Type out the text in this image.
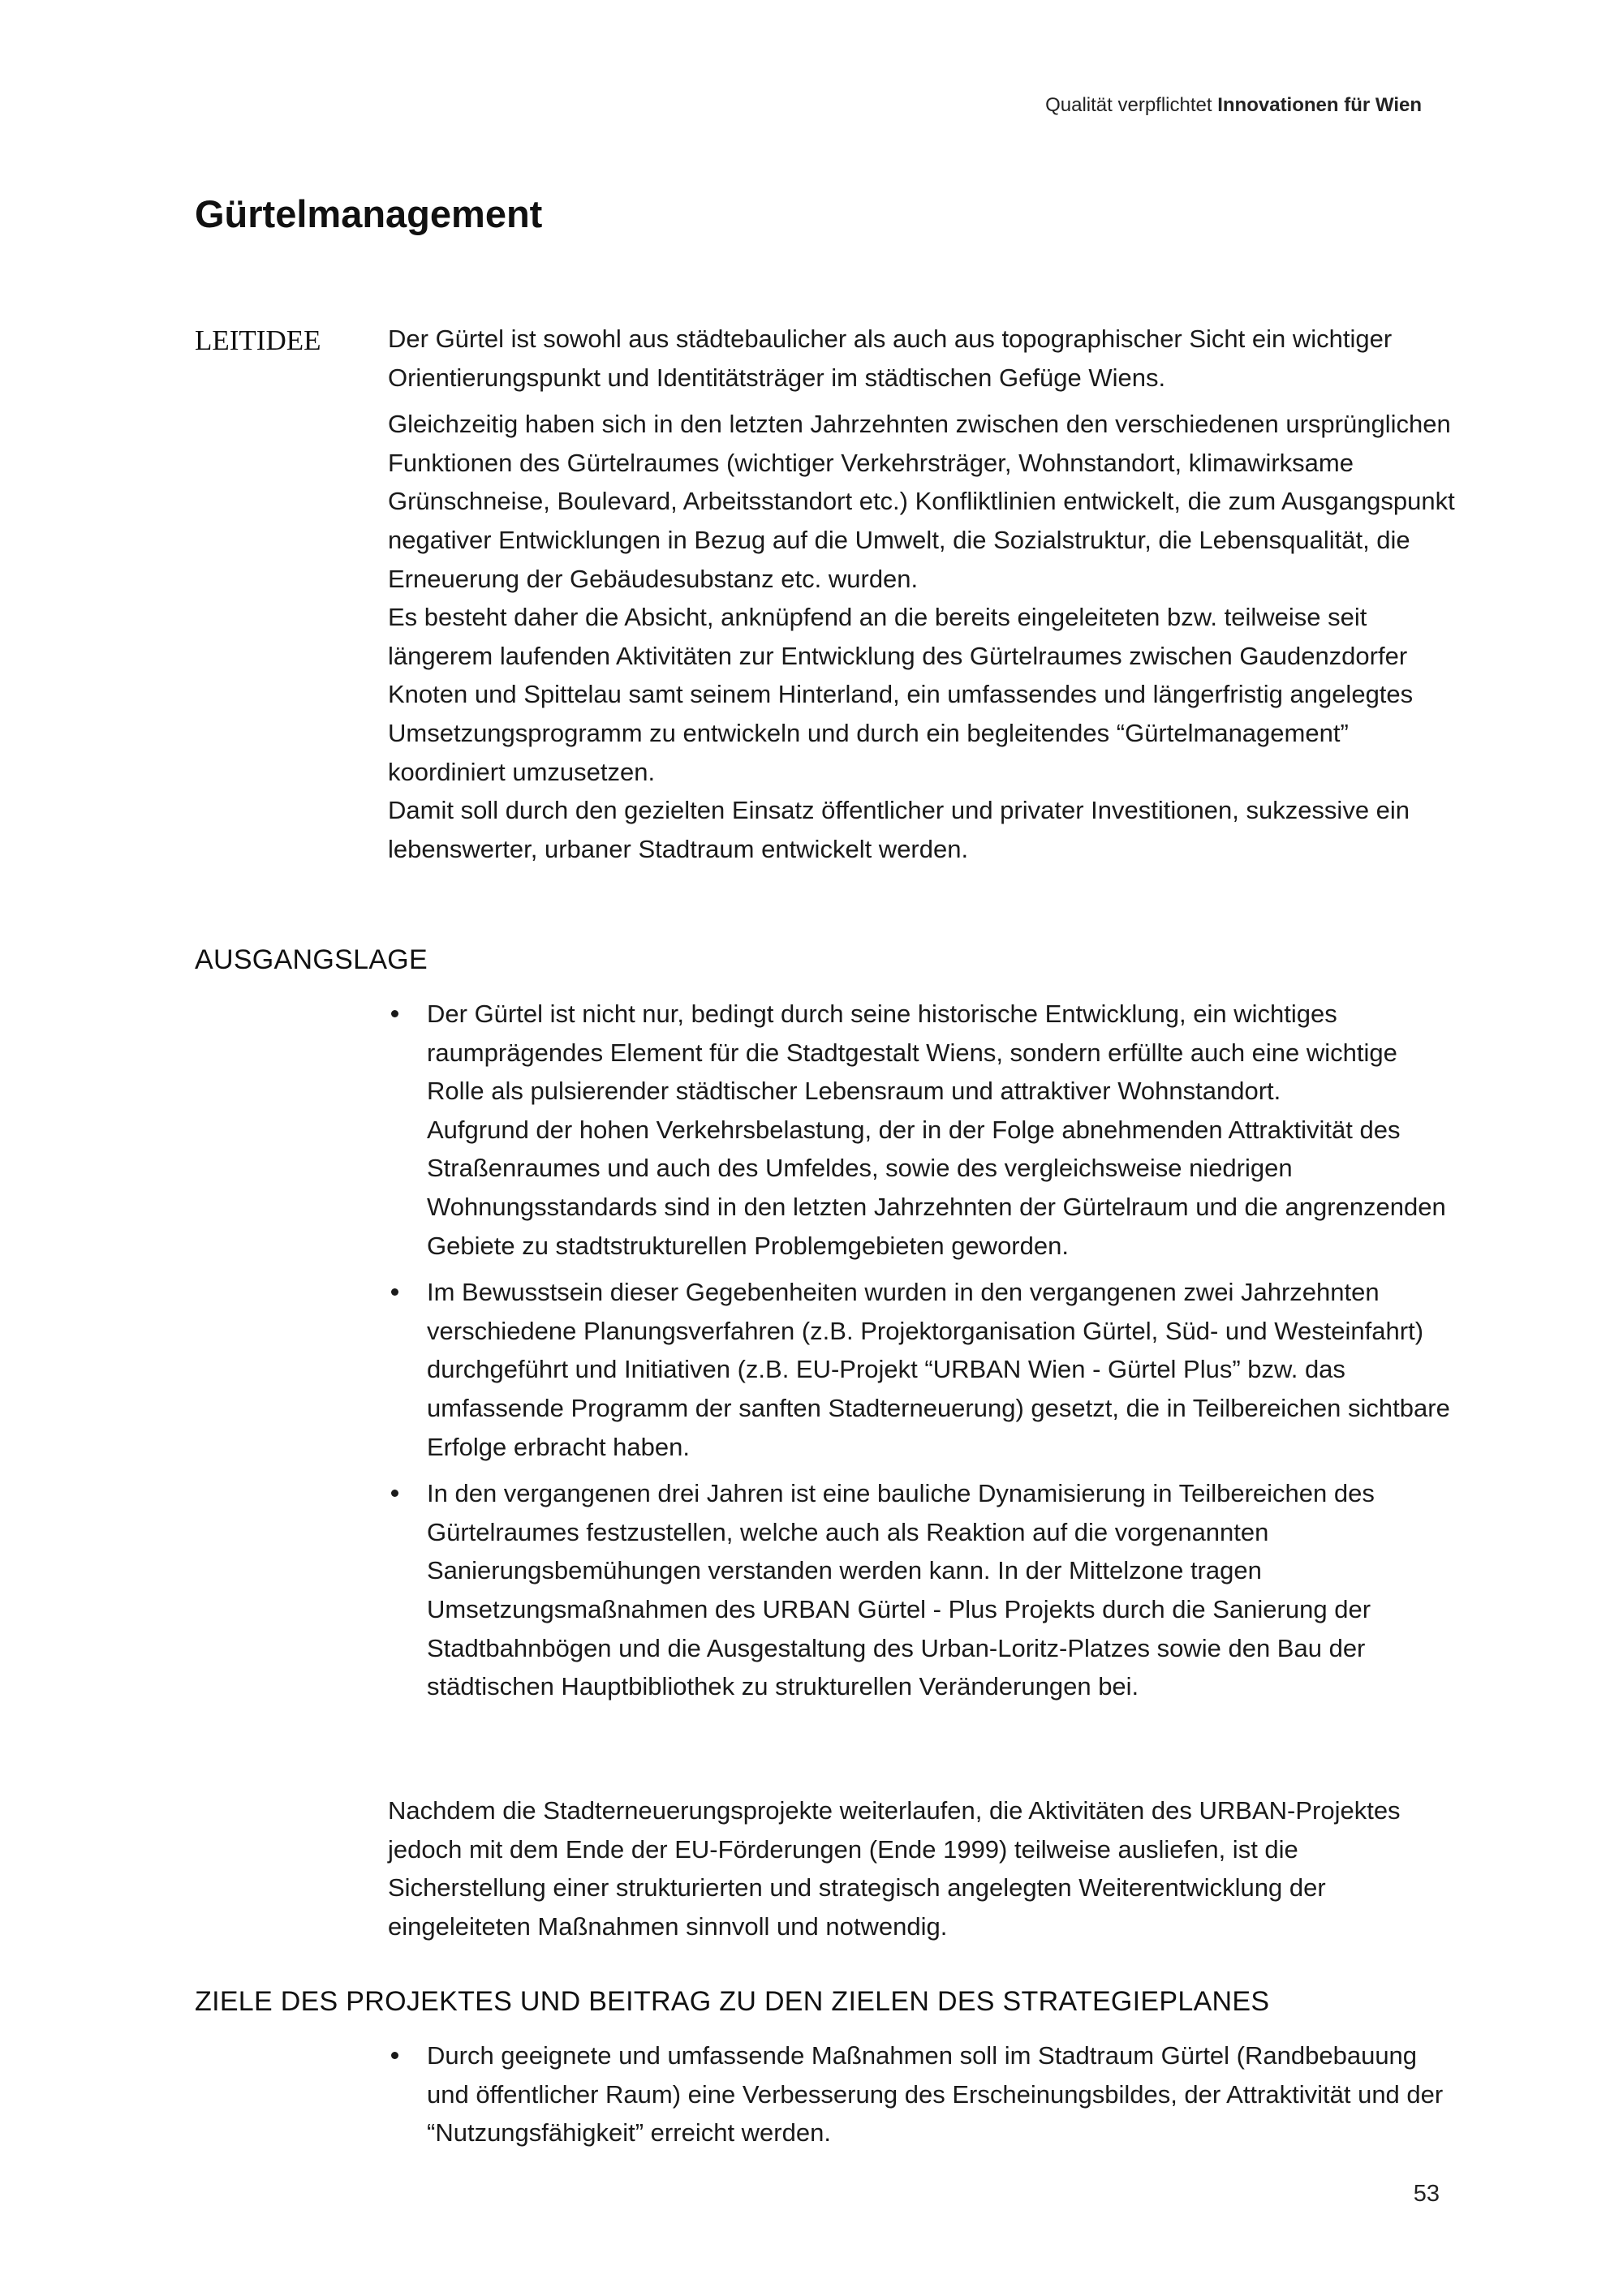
Qualität verpflichtet Innovationen für Wien
Gürtelmanagement
LEITIDEE	Der Gürtel ist sowohl aus städtebaulicher als auch aus topographischer Sicht ein wichtiger Orientierungspunkt und Identitätsträger im städtischen Gefüge Wiens.

Gleichzeitig haben sich in den letzten Jahrzehnten zwischen den verschiedenen ursprünglichen Funktionen des Gürtelraumes (wichtiger Verkehrsträger, Wohnstandort, klimawirksame Grünschneise, Boulevard, Arbeitsstandort etc.) Konfliktlinien entwickelt, die zum Ausgangspunkt negativer Entwicklungen in Bezug auf die Umwelt, die Sozialstruktur, die Lebensqualität, die Erneuerung der Gebäudesubstanz etc. wurden.

Es besteht daher die Absicht, anknüpfend an die bereits eingeleiteten bzw. teilweise seit längerem laufenden Aktivitäten zur Entwicklung des Gürtelraumes zwischen Gaudenzdorfer Knoten und Spittelau samt seinem Hinterland, ein umfassendes und längerfristig angelegtes Umsetzungsprogramm zu entwickeln und durch ein begleitendes “Gürtelmanagement” koordiniert umzusetzen.

Damit soll durch den gezielten Einsatz öffentlicher und privater Investitionen, sukzessive ein lebenswerter, urbaner Stadtraum entwickelt werden.

AUSGANGSLAGE

Der Gürtel ist nicht nur, bedingt durch seine historische Entwicklung, ein wichtiges raumprägendes Element für die Stadtgestalt Wiens, sondern erfüllte auch eine wichtige Rolle als pulsierender städtischer Lebensraum und attraktiver Wohnstandort.

Aufgrund der hohen Verkehrsbelastung, der in der Folge abnehmenden Attraktivität des Straßenraumes und auch des Umfeldes, sowie des vergleichsweise niedrigen Wohnungsstandards sind in den letzten Jahrzehnten der Gürtelraum und die angrenzenden Gebiete zu stadtstrukturellen Problemgebieten geworden.

Im Bewusstsein dieser Gegebenheiten wurden in den vergangenen zwei Jahrzehnten verschiedene Planungsverfahren (z.B. Projektorganisation Gürtel, Süd- und Westeinfahrt) durchgeführt und Initiativen (z.B. EU-Projekt “URBAN Wien - Gürtel Plus” bzw. das umfassende Programm der sanften Stadterneuerung) gesetzt, die in Teilbereichen sichtbare Erfolge erbracht haben.

In den vergangenen drei Jahren ist eine bauliche Dynamisierung in Teilbereichen des Gürtelraumes festzustellen, welche auch als Reaktion auf die vorgenannten Sanierungsbemühungen verstanden werden kann. In der Mittelzone tragen Umsetzungsmaßnahmen des URBAN Gürtel - Plus Projekts durch die Sanierung der Stadtbahnbögen und die Ausgestaltung des Urban-Loritz-Platzes sowie den Bau der städtischen Hauptbibliothek zu strukturellen Veränderungen bei.

Nachdem die Stadterneuerungsprojekte weiterlaufen, die Aktivitäten des URBAN-Projektes jedoch mit dem Ende der EU-Förderungen (Ende 1999) teilweise ausliefen, ist die Sicherstellung einer strukturierten und strategisch angelegten Weiterentwicklung der eingeleiteten Maßnahmen sinnvoll und notwendig.

ZIELE DES PROJEKTES UND BEITRAG ZU DEN ZIELEN DES STRATEGIEPLANES

Durch geeignete und umfassende Maßnahmen soll im Stadtraum Gürtel (Randbebauung und öffentlicher Raum) eine Verbesserung des Erscheinungsbildes, der Attraktivität und der “Nutzungsfähigkeit” erreicht werden.

53
